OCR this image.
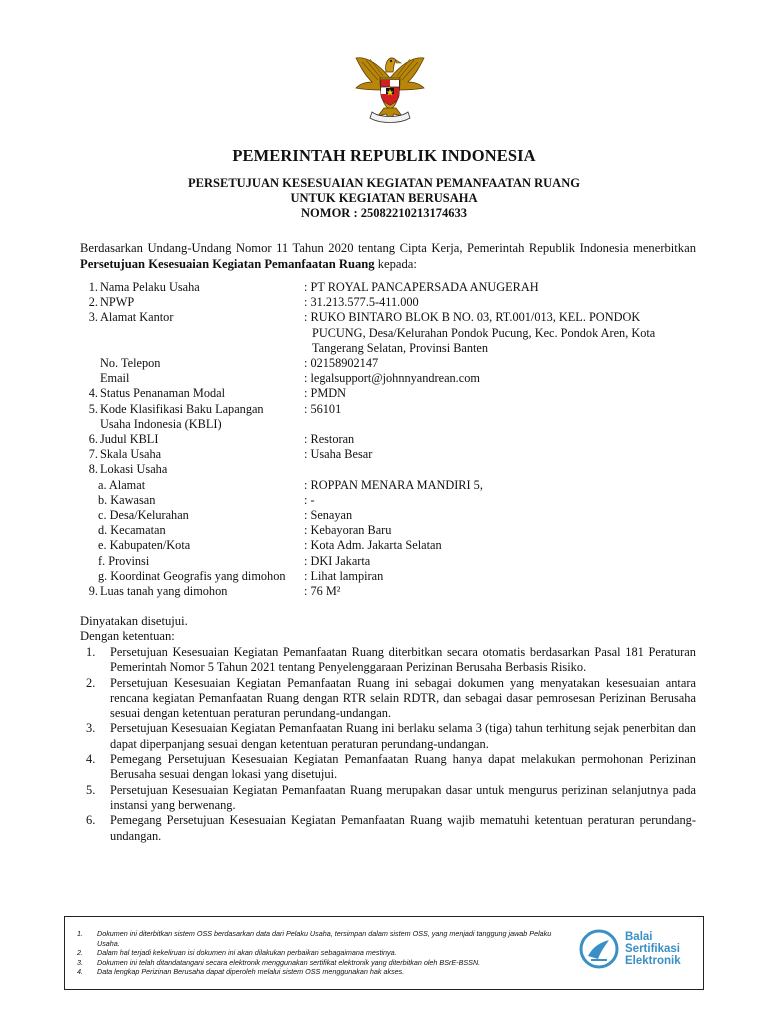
PEMERINTAH REPUBLIK INDONESIA
PERSETUJUAN KESESUAIAN KEGIATAN PEMANFAATAN RUANG
UNTUK KEGIATAN BERUSAHA
NOMOR : 25082210213174633
Berdasarkan Undang-Undang Nomor 11 Tahun 2020 tentang Cipta Kerja, Pemerintah Republik Indonesia menerbitkan Persetujuan Kesesuaian Kegiatan Pemanfaatan Ruang kepada:
1. Nama Pelaku Usaha	: PT ROYAL PANCAPERSADA ANUGERAH
2. NPWP	: 31.213.577.5-411.000
3. Alamat Kantor	: RUKO BINTARO BLOK B NO. 03, RT.001/013, KEL. PONDOK
PUCUNG, Desa/Kelurahan Pondok Pucung, Kec. Pondok Aren, Kota
Tangerang Selatan, Provinsi Banten
No. Telepon	: 02158902147
Email	: legalsupport@johnnyandrean.com
4. Status Penanaman Modal	: PMDN
5. Kode Klasifikasi Baku Lapangan	: 56101
Usaha Indonesia (KBLI)
6. Judul KBLI	: Restoran
7. Skala Usaha	: Usaha Besar
8. Lokasi Usaha
a. Alamat	: ROPPAN MENARA MANDIRI 5,
b. Kawasan	: -
c. Desa/Kelurahan	: Senayan
d. Kecamatan	: Kebayoran Baru
e. Kabupaten/Kota	: Kota Adm. Jakarta Selatan
f. Provinsi	: DKI Jakarta
g. Koordinat Geografis yang dimohon : Lihat lampiran
9. Luas tanah yang dimohon	: 76 M²
Dinyatakan disetujui.
Dengan ketentuan:
1. Persetujuan Kesesuaian Kegiatan Pemanfaatan Ruang diterbitkan secara otomatis berdasarkan Pasal 181 Peraturan Pemerintah Nomor 5 Tahun 2021 tentang Penyelenggaraan Perizinan Berusaha Berbasis Risiko.
2. Persetujuan Kesesuaian Kegiatan Pemanfaatan Ruang ini sebagai dokumen yang menyatakan kesesuaian antara rencana kegiatan Pemanfaatan Ruang dengan RTR selain RDTR, dan sebagai dasar pemrosesan Perizinan Berusaha sesuai dengan ketentuan peraturan perundang-undangan.
3. Persetujuan Kesesuaian Kegiatan Pemanfaatan Ruang ini berlaku selama 3 (tiga) tahun terhitung sejak penerbitan dan dapat diperpanjang sesuai dengan ketentuan peraturan perundang-undangan.
4. Pemegang Persetujuan Kesesuaian Kegiatan Pemanfaatan Ruang hanya dapat melakukan permohonan Perizinan Berusaha sesuai dengan lokasi yang disetujui.
5. Persetujuan Kesesuaian Kegiatan Pemanfaatan Ruang merupakan dasar untuk mengurus perizinan selanjutnya pada instansi yang berwenang.
6. Pemegang Persetujuan Kesesuaian Kegiatan Pemanfaatan Ruang wajib mematuhi ketentuan peraturan perundang-undangan.
1. Dokumen ini diterbitkan sistem OSS berdasarkan data dari Pelaku Usaha, tersimpan dalam sistem OSS, yang menjadi tanggung jawab Pelaku Usaha.
2. Dalam hal terjadi kekeliruan isi dokumen ini akan dilakukan perbaikan sebagaimana mestinya.
3. Dokumen ini telah ditandatangani secara elektronik menggunakan sertifikat elektronik yang diterbitkan oleh BSrE-BSSN.
4. Data lengkap Perizinan Berusaha dapat diperoleh melalui sistem OSS menggunakan hak akses.
Balai
Sertifikasi
Elektronik
